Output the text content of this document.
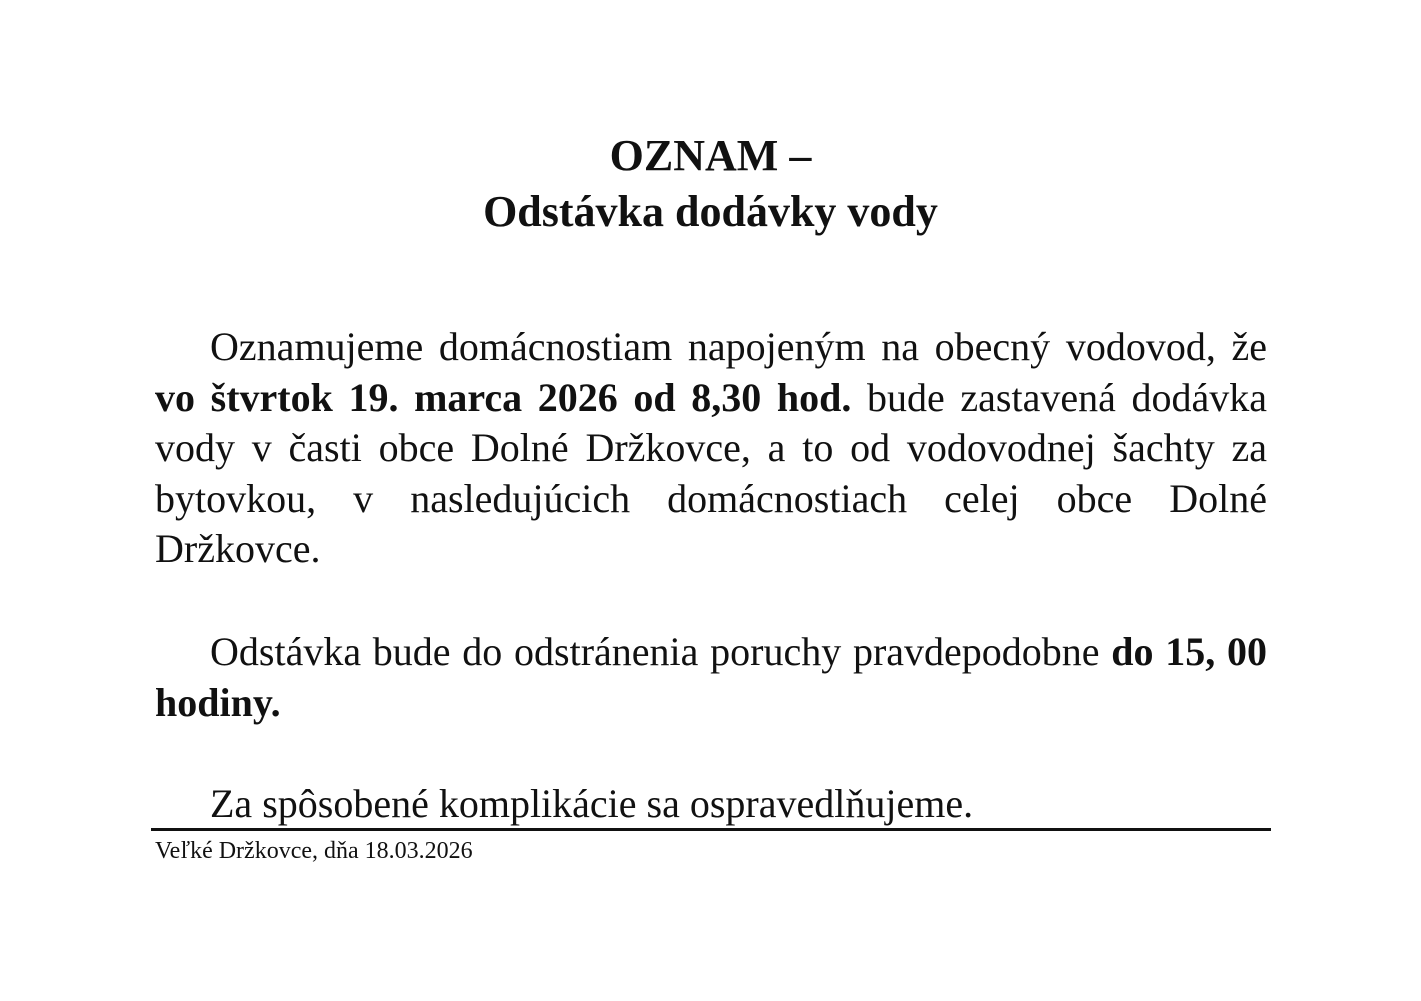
OZNAM –
Odstávka dodávky vody

Oznamujeme domácnostiam napojeným na obecný vodovod, že vo štvrtok 19. marca 2026 od 8,30 hod. bude zastavená dodávka vody v časti obce Dolné Držkovce, a to od vodovodnej šachty za bytovkou, v nasledujúcich domácnostiach celej obce Dolné Držkovce.

Odstávka bude do odstránenia poruchy pravdepodobne do 15, 00 hodiny.

Za spôsobené komplikácie sa ospravedlňujeme.

Veľké Držkovce, dňa 18.03.2026
